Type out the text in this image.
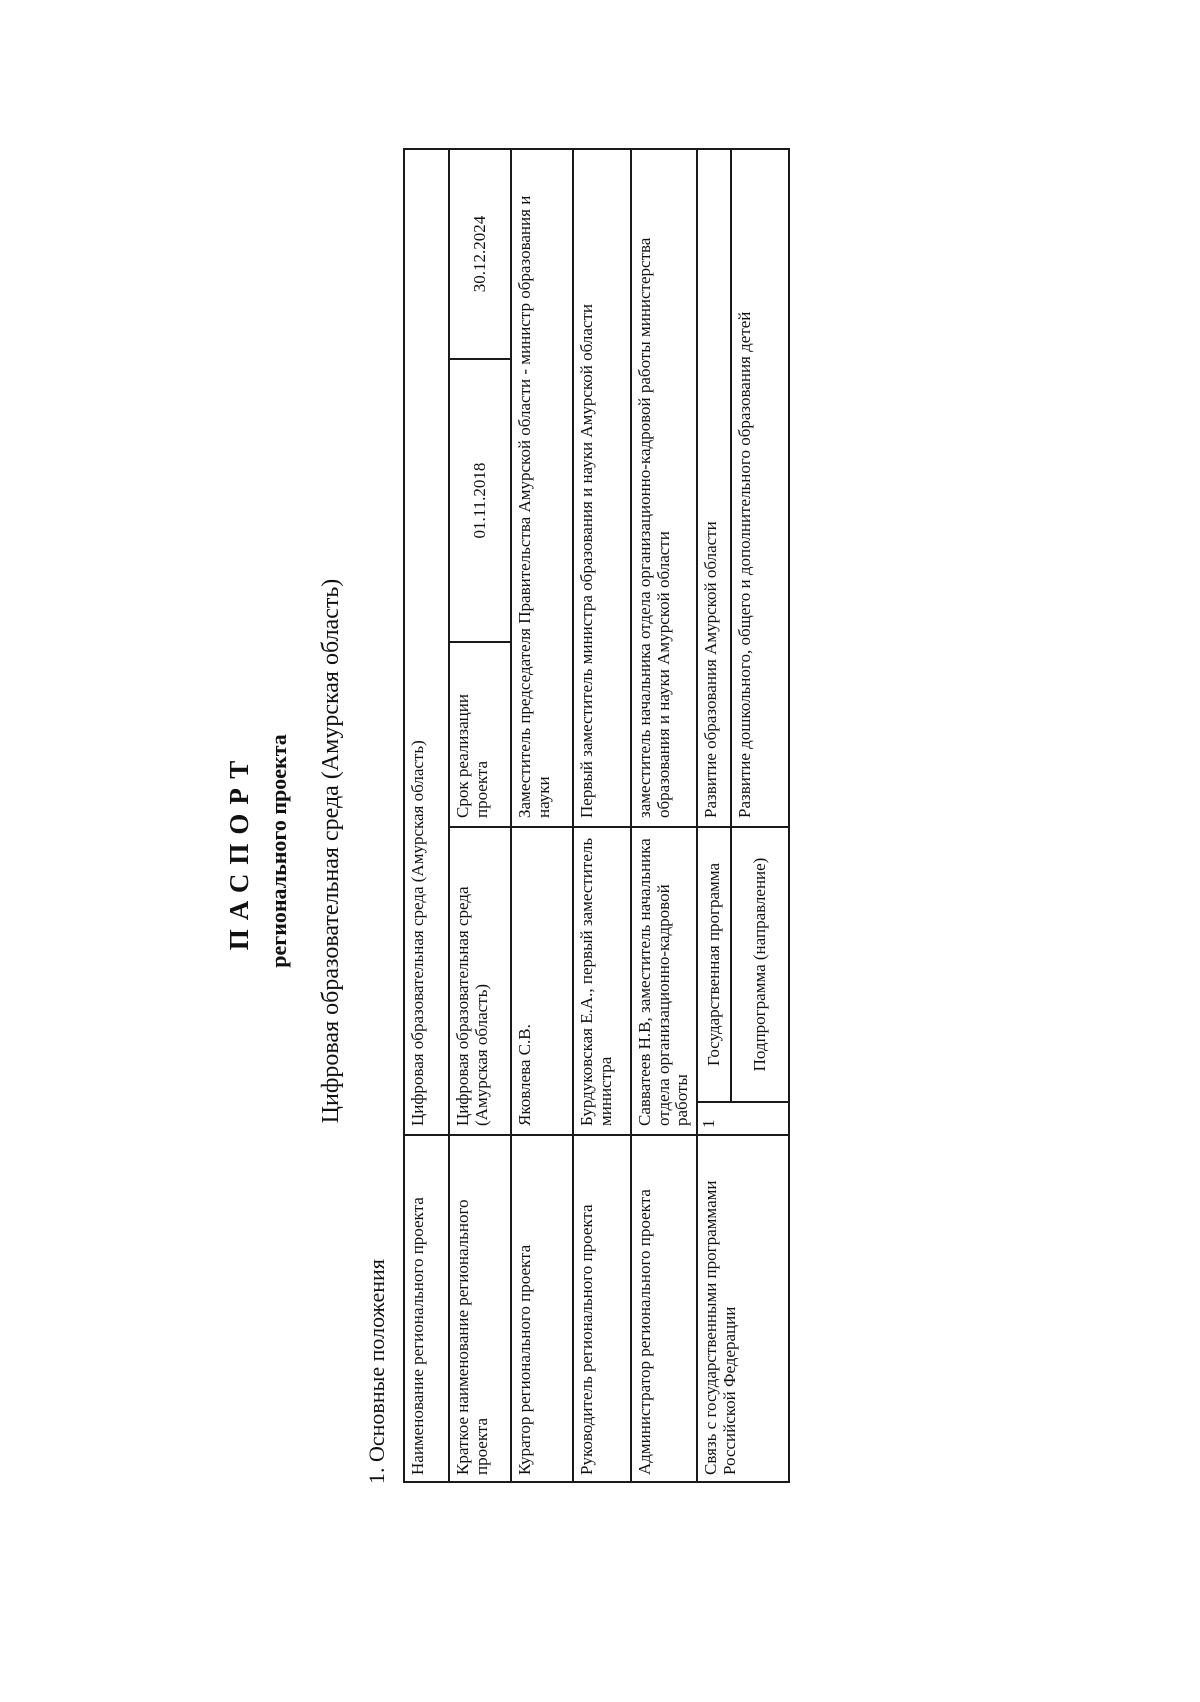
ПАСПОРТ регионального проекта Цифровая образовательная среда (Амурская область)
1. Основные положения Наименование регионального проекта	Цифровая образовательная среда (Амурская область)				
Краткое наименование регионального проекта	Цифровая образовательная среда (Амурская область)		Срок реализации проекта	01.11.2018	30.12.2024
Куратор регионального проекта	Яковлева С.В.		Заместитель председателя Правительства Амурской области - министр образования и науки		
Руководитель регионального проекта	Бурдуковская Е.А., первый заместитель министра		Первый заместитель министра образования и науки Амурской области		
Администратор регионального проекта	Савватеев Н.В, заместитель начальника отдела организационно-кадровой работы		заместитель начальника отдела организационно-кадровой работы министерства образования и науки Амурской области		
Связь с государственными программами Российской Федерации	1	Государственная программа	Развитие образования Амурской области		
		Подпрограмма (направление)	Развитие дошкольного, общего и дополнительного образования детей		
